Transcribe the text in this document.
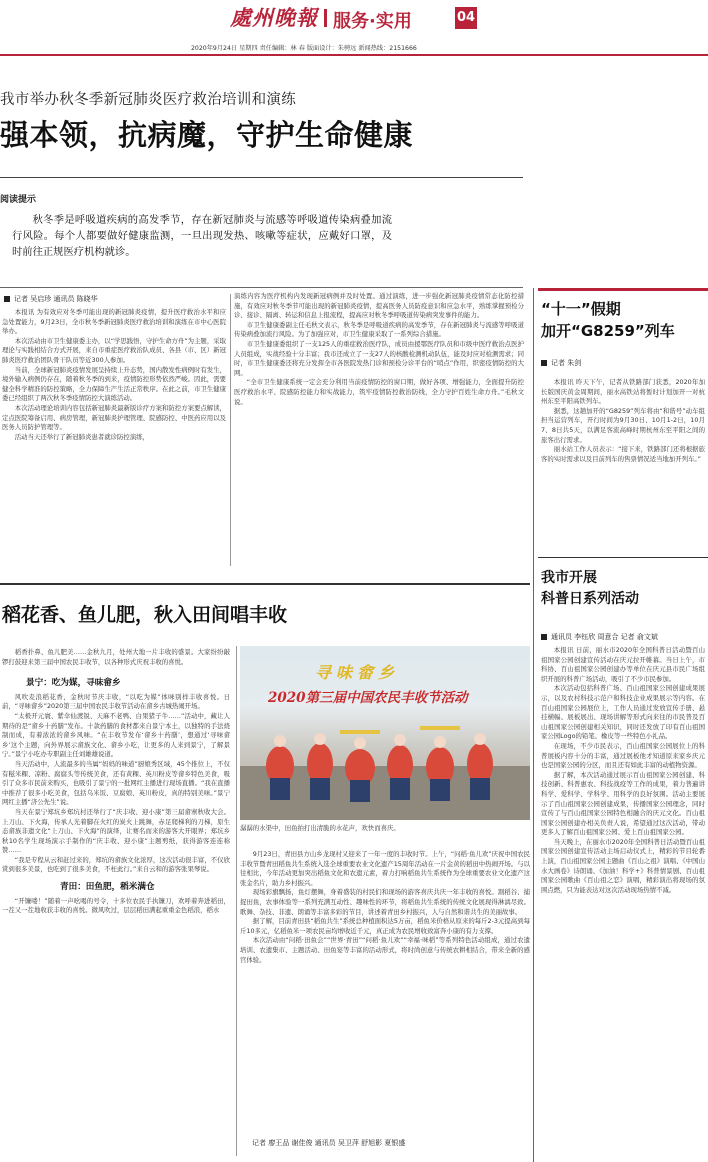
處州晚報 服务·实用	04
2020年9月24日 星期四 责任编辑：林 春 版面设计：朱骋远 新闻热线：2151666
我市举办秋冬季新冠肺炎医疗救治培训和演练
强本领，抗病魔，守护生命健康
阅读提示
秋冬季是呼吸道疾病的高发季节，存在新冠肺炎与流感等呼吸道传染病叠加流行风险。每个人都要做好健康监测，一旦出现发热、咳嗽等症状，应戴好口罩，及时前往正规医疗机构就诊。
记者 吴启珍 通讯员 陈晓华

本报讯 为有效应对冬季可能出现的新冠肺炎疫情，提升医疗救治水平和应急处置能力，9月23日，全市秋冬季新冠肺炎医疗救治培训和演练在市中心医院举办。

本次活动由市卫生健康委主办，以“学思践悟，守护生命方舟”为主题，采取理论与实践相结合方式开展，来自市重症医疗救治队成员、各县（市、区）新冠肺炎医疗救治团队骨干队员等近300人参加。

当前，全球新冠肺炎疫情发展呈持续上升态势，国内散发性病例时有发生，境外输入病例仍存在，随着秋冬季的到来，疫情防控形势依然严峻。因此，需要健全科学精准的防控策略，全力保障生产生活正常秩序。在此之前，市卫生健康委已经组织了两次秋冬季疫情防控大演练活动。

本次活动理论培训内容包括新冠肺炎最新版诊疗方案和防控方案要点解读，定点医院筹备启用、病房管理，新冠肺炎护理管理、院感防控、中医药应用以及医务人员防护管理等。

活动当天还举行了新冠肺炎患者就诊防控演练，

演练内容为医疗机构内发现新冠病例并及时处置。通过演练，进一步强化新冠肺炎疫情常态化防控措施，有效应对秋冬季节可能出现的新冠肺炎疫情，提高医务人员防疫意识和应急水平，熟练掌握预检分诊、接诊、隔离、转运和信息上报流程，提高应对秋冬季呼吸道传染病突发事件的能力。

市卫生健康委副主任毛秋文表示，秋冬季是呼吸道疾病的高发季节，存在新冠肺炎与流感等呼吸道传染病叠加流行风险。为了加强应对，市卫生健康采取了一系列综合措施。

市卫生健康委组织了一支125人的重症救治医疗队，成员由援鄂医疗队员和市级中医疗救治点医护人员组成，实战经验十分丰富；我市还成立了一支27人的核酸检测机动队伍，能及时应对检测需求；同时，市卫生健康委还将充分发挥全市各医院发热门诊和预检分诊平台的“哨点”作用，织密疫情防控的大网。

“全市卫生健康系统一定会充分利用当前疫情防控的窗口期，做好各项、增强能力，全面提升防控医疗救治水平、院感防控能力和实战能力，筑牢疫情防控救治防线，全力守护百姓生命方舟。”毛秋文说。

“十一”假期
加开“G8259”列车
记者 朱剑

本报讯 昨天下午，记者从铁路部门获悉，2020年加长版国庆黄金周期间，丽水高铁站将暂时计划加开一对杭州东至平阳高铁列车。

据悉，这趟加开的“G8259”列车将由“和谐号”动车组担当运营列车，开行时间为9月30日、10月1-2日，10月7、8日共5天，以满足客流高峰时期杭州东至平阳之间的旅客出行需求。

丽水站工作人员表示：“接下来，铁路部门还将根据旅客的实时需求以及目前列车的售票情况适当地加开列车。”

我市开展
科普日系列活动
通讯员 李钰欣 周意合 记者 俞文斌

本报讯 日前，丽水市2020年全国科普日活动暨百山祖国家公园创建宣传活动在庆元拉开帷幕。当日上午，市科协、百山祖国家公园创建办等单位在庆元县市民广场组织开展的科普广场活动，吸引了不少市民参加。

本次活动包括科普广场、百山祖国家公园创建成果展示，以及农村科技示范户和科技企业成果展示等内容。在百山祖国家公园展位上，工作人员通过发放宣传手册、悬挂横幅、展板展出、现场讲解等形式向来往的市民普及百山祖国家公园创建相关知识，同时还发放了印有百山祖国家公园Logo的铅笔、橡皮等一些特色小礼品。

在现场，不少市民表示，百山祖国家公园展位上的科普展板内容十分的丰富，通过展板他才知道原来家乡庆元也是国家公园的分区，而且还有如此丰富的动植物资源。

据了解，本次活动通过展示百山祖国家公园创建、科技创新、科普惠农、科技战疫等工作的成果，着力普遍讲科学、爱科学、学科学、用科学的良好氛围。活动主要展示了百山祖国家公园创建成果，传播国家公园理念，同时宣传了与百山祖国家公园特色相融合的庆元文化。百山祖国家公园创建办相关负责人说，希望通过这次活动，带动更多人了解百山祖国家公园、爱上百山祖国家公园。

当天晚上，在丽水市2020年全国科普日活动暨百山祖国家公园创建宣传活动主场启动仪式上，精彩的节目轮番上演，百山祖国家公园主题曲《百山之祖》演唱、《中国山水大画卷》诗朗诵、《加油！科学+》科普情景剧、百山祖国家公园歌曲《百山祖之恋》演唱，精彩演出将现场的氛围点燃，只为能表达对这次活动现场热情不减。

稻花香、鱼儿肥，秋入田间唱丰收

稻香扑鼻、鱼儿肥美……金秋九月，处州大地一片丰收的盛景。大家纷纷敲锣打鼓迎来第三届中国农民丰收节，以各种形式庆祝丰收的喜悦。

景宁：吃为媒，寻味畲乡

风吹麦浪稻花香，金秋时节庆丰收，“以吃为媒”体味别样丰收喜悦。日前，“寻味畲乡”2020第三届中国农民丰收节活动在畲乡古城热闹开场。

“太极开元寰、紫伞仙渡锐、天麻不老鸭、白果猪子牛……”活动中，藏让人期待的是“畲乡十药膳”发布。十款药膳的食材都来自景宁本土，以独特的手法烧制而成，有着浓浓的畲乡风味。“在丰收节发布‘畲乡十药膳’，想通过‘寻味畲乡’这个主题，向外界展示畲族文化、畲乡小吃，让更多的人来到景宁，了解景宁。”景宁小吃办专职副主任刘雄雄说道。

当天活动中，人流最多的当属“妈妈的味道”厨娘秀区域，45个推位上，不仅有糍米粿、凉粉、腐腐头等传统美食，还有黄粿、英川粉皮等畲乡特色美食，吸引了众多市民前来购买，也吸引了景宁的一批网红主播进行现场直播。“我在直播中推荐了很多小吃美食，包括乌米饭、豆腐娘、英川粉皮，真的特别美味。”景宁网红主播“济公先生”说。

当天在景宁郑坑乡郑坑村还举行了“庆丰收、迎小康”第三届畲寨秋收大会。上刀山、下火海，传承人光着脚在火红的炭火上跳舞，赤足爬梯利的刀梯，原生态畲族非遗文化“上刀山、下火海”的演绎，让赛名而来的游客大开眼界；郑坑乡秋10名学生现场演示手制作的“庆丰收、迎小康”主题剪纸，获得游客连连称赞……

“我是专程从云和赶过来的，郑坑的畲族文化浓厚，这次活动很丰富，不仅欣赏到很多美景，也吃到了很多美食，不枉此行。”来自云和的游客张果琴说。

青田：田鱼肥，稻米满仓

“开镰喽！”随着一声吆喝的号令，十多位农民手执镰刀，欢呼着奔进稻田，一茬又一茬地收获丰收的喜悦。微风吹过，层层稻田满起重重金色稻浪，稻水

寻味畲乡
2020第三届中国农民丰收节活动

潺潺的水渠中，田鱼拍打出清脆的水花声，欢快而喜庆。

9月23日，青田县方山乡龙现村又迎来了一年一度的丰收时节。上午，“问稻·鱼儿欢”庆祝中国农民丰收节暨青田稻鱼共生系统入选全球重要农业文化遗产15周年活动在一片金黄的稻田中热闹开场。与以往相比，今年活动更加突出稻鱼文化和农遗元素，着力打响稻鱼共生系统作为全球重要农业文化遗产这张金名片，助力乡村振兴。

现场彩旗飘扬，鱼灯摆舞，身着盛装的村民们和现场的游客喜庆共庆一年丰收的喜悦。割稻谷、捕捉田鱼，农事体验等一系列充满互动性、趣味性的环节，将稻鱼共生系统的传统文化展现得淋漓尽致。歌舞、杂技、非遗、朗诵等丰富多彩的节目，讲述着青田乡村振兴，人与自然和谐共生的美丽故事。

据了解，目前青田县“稻鱼共生”系统总种植面积达5万亩，稻鱼米价格从原来的每斤2-3元提高到每斤10多元，亿稻鱼米一项农民亩均增收近千元，真正成为农民增收致富奔小康的有力支撑。

本次活动由“问稻·田鱼会”“世界·青田”“问稻·鱼儿欢”“幸福·味稻”等系列特色活动组成，通过农遗培训、农遗集市、主题活动、田鱼宴等丰富的活动形式，将时尚创意与传统农耕相结合，带来全新的感官体验。

记者 廖王品 谢佳俊 通讯员 吴卫萍 舒旭影 夏银盛
